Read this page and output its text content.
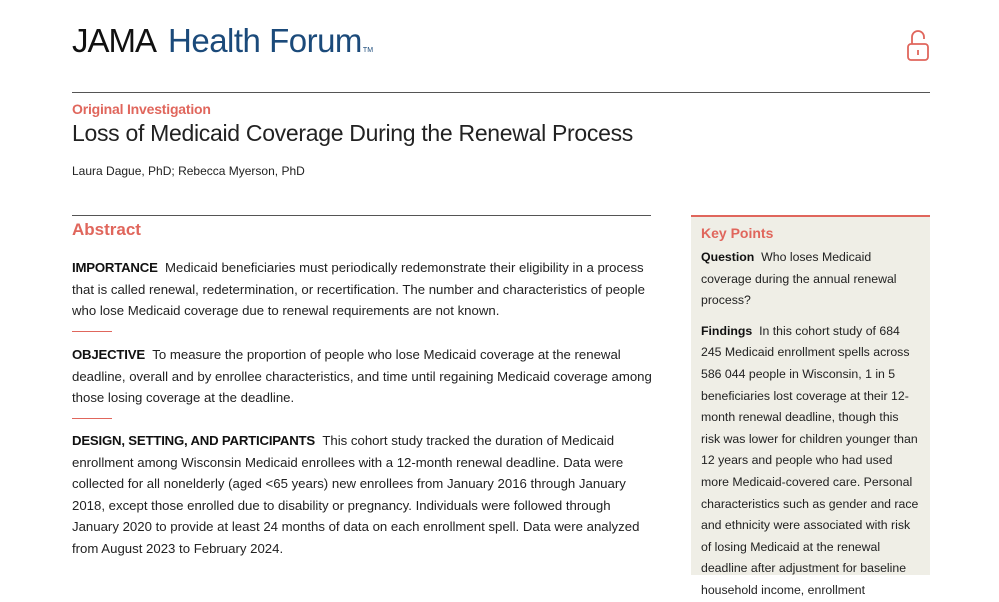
JAMA Health Forum TM
Original Investigation
Loss of Medicaid Coverage During the Renewal Process
Laura Dague, PhD; Rebecca Myerson, PhD
Abstract

IMPORTANCE Medicaid beneficiaries must periodically redemonstrate their eligibility in a process that is called renewal, redetermination, or recertification. The number and characteristics of people who lose Medicaid coverage due to renewal requirements are not known.

OBJECTIVE To measure the proportion of people who lose Medicaid coverage at the renewal deadline, overall and by enrollee characteristics, and time until regaining Medicaid coverage among those losing coverage at the deadline.

DESIGN, SETTING, AND PARTICIPANTS This cohort study tracked the duration of Medicaid enrollment among Wisconsin Medicaid enrollees with a 12-month renewal deadline. Data were collected for all nonelderly (aged <65 years) new enrollees from January 2016 through January 2018, except those enrolled due to disability or pregnancy. Individuals were followed through January 2020 to provide at least 24 months of data on each enrollment spell. Data were analyzed from August 2023 to February 2024.

Key Points

Question Who loses Medicaid coverage during the annual renewal process?

Findings In this cohort study of 684 245 Medicaid enrollment spells across 586 044 people in Wisconsin, 1 in 5 beneficiaries lost coverage at their 12-month renewal deadline, though this risk was lower for children younger than 12 years and people who had used more Medicaid-covered care. Personal characteristics such as gender and race and ethnicity were associated with risk of losing Medicaid at the renewal deadline after adjustment for baseline household income, enrollment
